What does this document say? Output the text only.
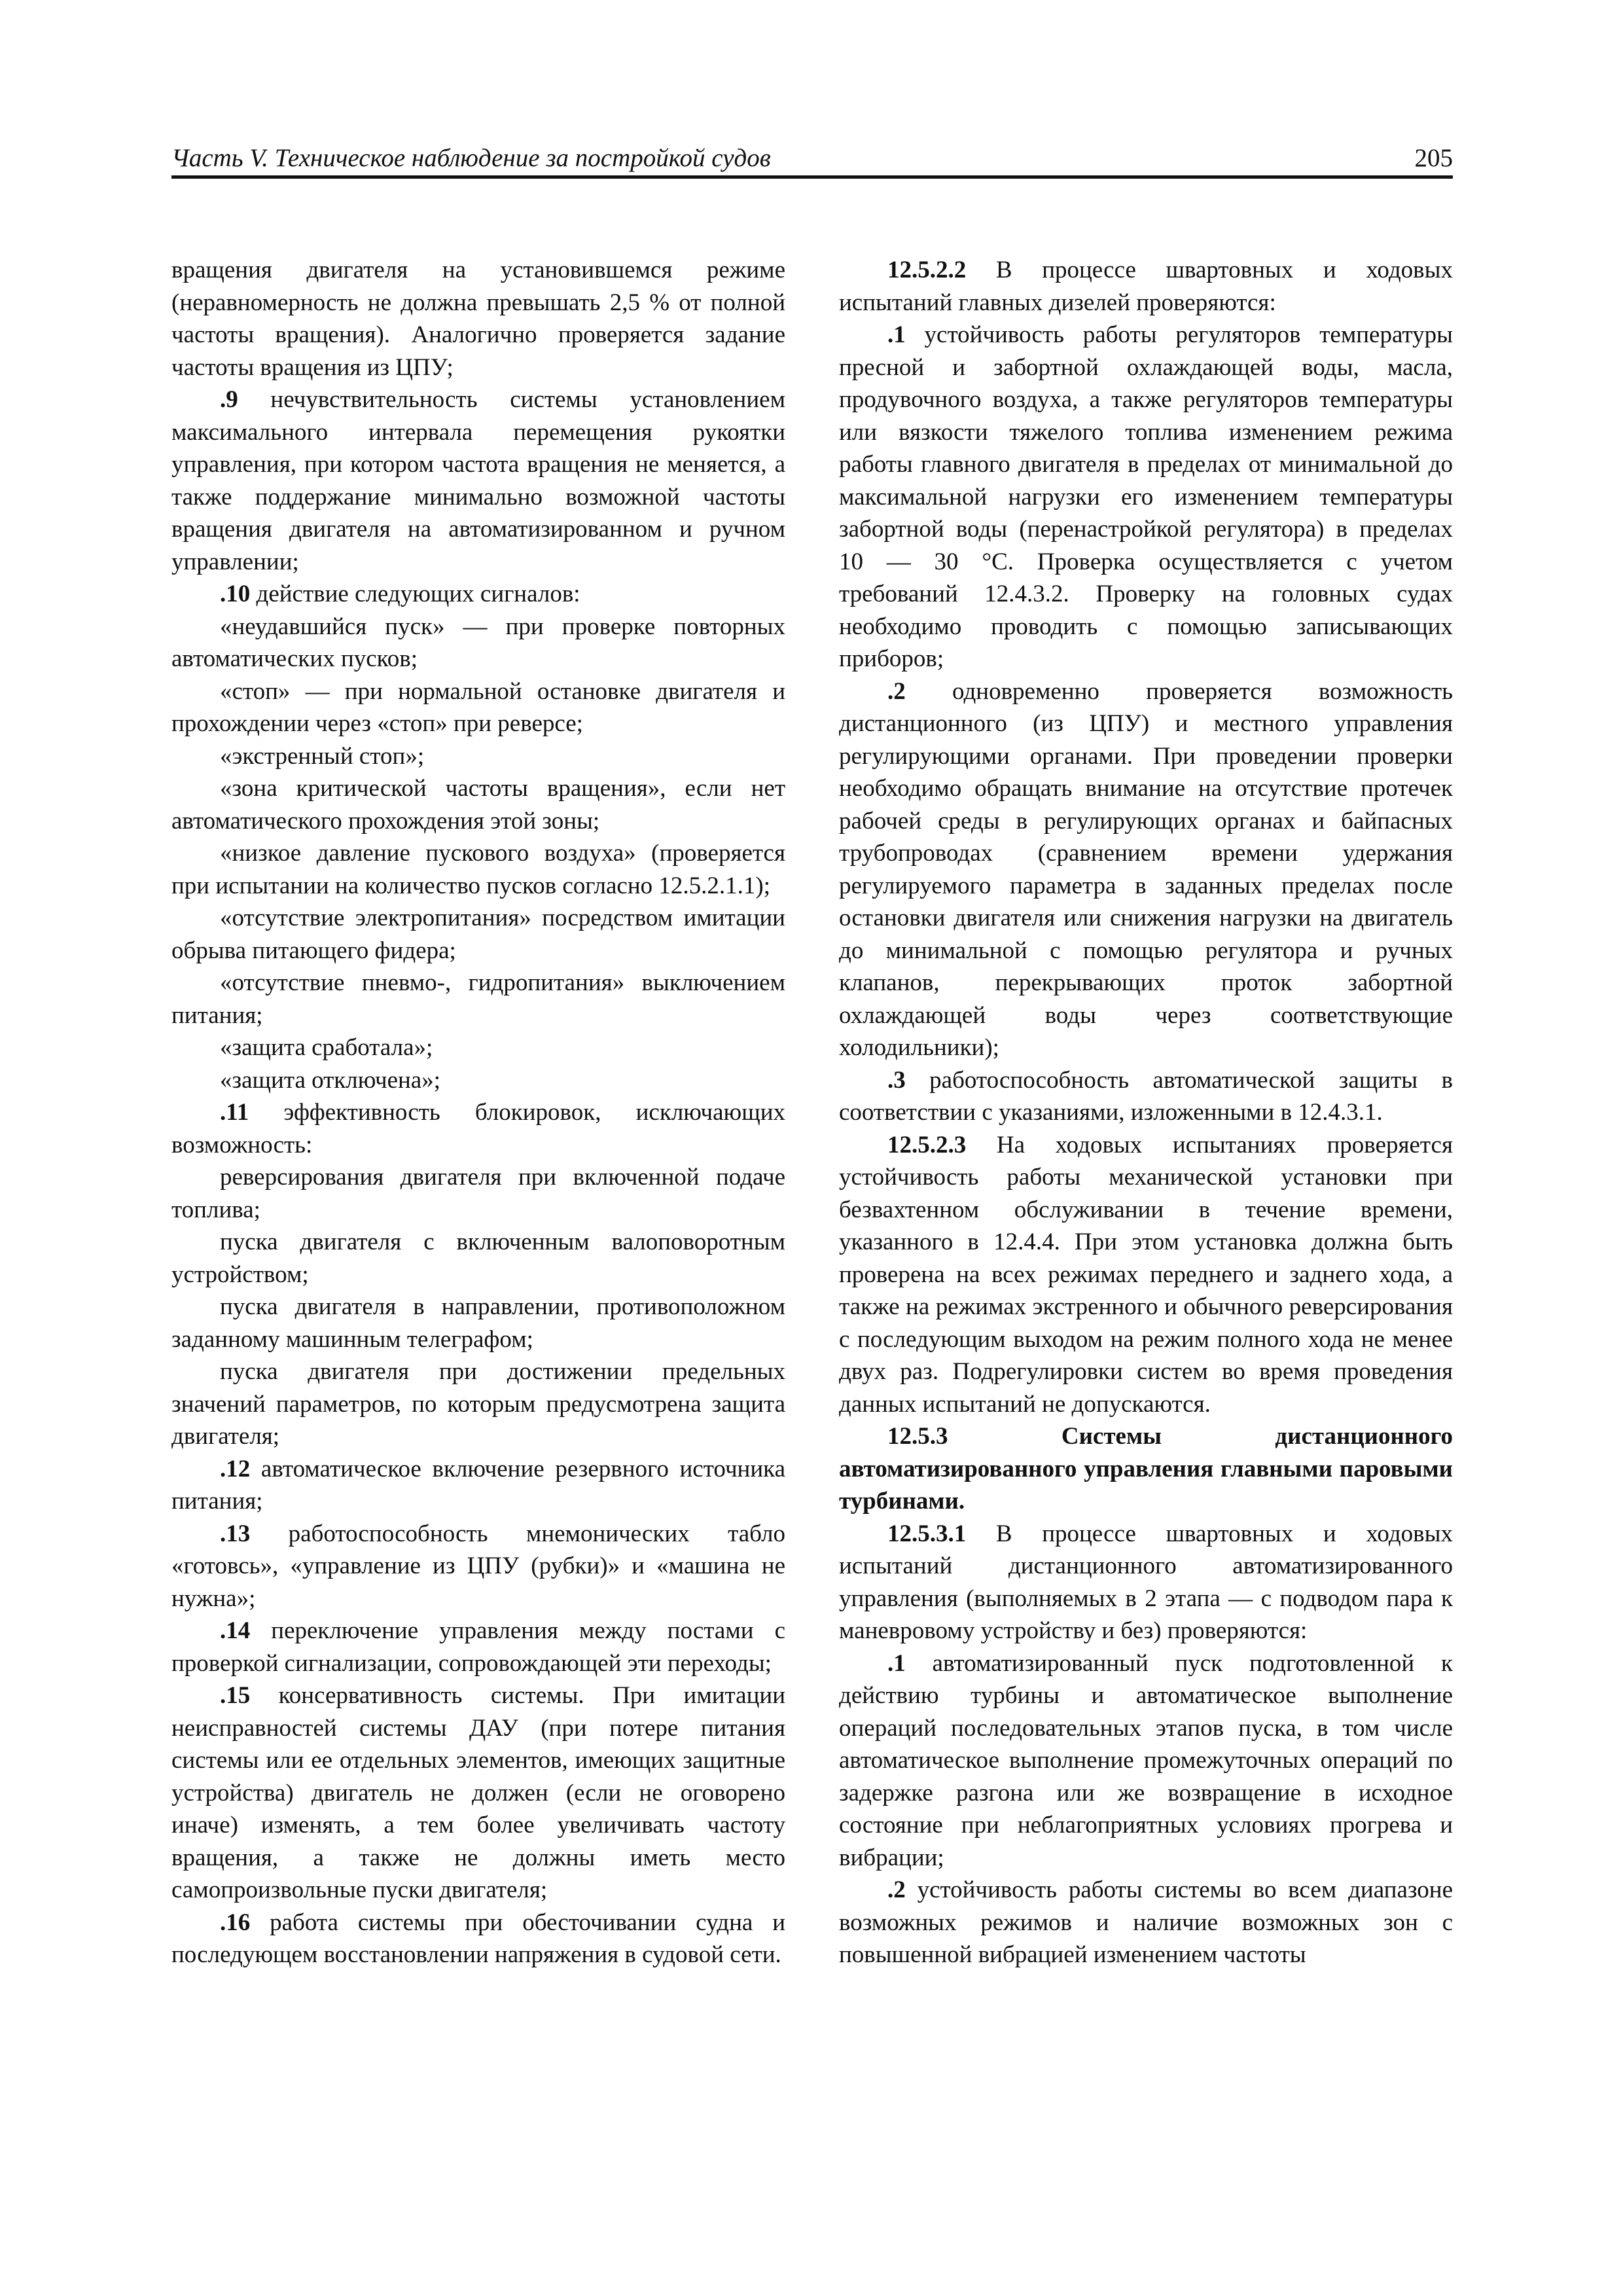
Часть V. Техническое наблюдение за постройкой судов	205

вращения двигателя на установившемся режиме (неравномерность не должна превышать 2,5 % от полной частоты вращения). Аналогично проверяется задание частоты вращения из ЦПУ;

.9 нечувствительность системы установлением максимального интервала перемещения рукоятки управления, при котором частота вращения не меняется, а также поддержание минимально возможной частоты вращения двигателя на автоматизированном и ручном управлении;

.10 действие следующих сигналов:

«неудавшийся пуск» — при проверке повторных автоматических пусков;

«стоп» — при нормальной остановке двигателя и прохождении через «стоп» при реверсе;

«экстренный стоп»;

«зона критической частоты вращения», если нет автоматического прохождения этой зоны;

«низкое давление пускового воздуха» (проверяется при испытании на количество пусков согласно 12.5.2.1.1);

«отсутствие электропитания» посредством имитации обрыва питающего фидера;

«отсутствие пневмо-, гидропитания» выключением питания;

«защита сработала»;

«защита отключена»;

.11 эффективность блокировок, исключающих возможность:

реверсирования двигателя при включенной подаче топлива;

пуска двигателя с включенным валоповоротным устройством;

пуска двигателя в направлении, противоположном заданному машинным телеграфом;

пуска двигателя при достижении предельных значений параметров, по которым предусмотрена защита двигателя;

.12 автоматическое включение резервного источника питания;

.13 работоспособность мнемонических табло «готовсь», «управление из ЦПУ (рубки)» и «машина не нужна»;

.14 переключение управления между постами с проверкой сигнализации, сопровождающей эти переходы;

.15 консервативность системы. При имитации неисправностей системы ДАУ (при потере питания системы или ее отдельных элементов, имеющих защитные устройства) двигатель не должен (если не оговорено иначе) изменять, а тем более увеличивать частоту вращения, а также не должны иметь место самопроизвольные пуски двигателя;

.16 работа системы при обесточивании судна и последующем восстановлении напряжения в судовой сети.

12.5.2.2 В процессе швартовных и ходовых испытаний главных дизелей проверяются:

.1 устойчивость работы регуляторов температуры пресной и забортной охлаждающей воды, масла, продувочного воздуха, а также регуляторов температуры или вязкости тяжелого топлива изменением режима работы главного двигателя в пределах от минимальной до максимальной нагрузки его изменением температуры забортной воды (перенастройкой регулятора) в пределах 10 — 30 °С. Проверка осуществляется с учетом требований 12.4.3.2. Проверку на головных судах необходимо проводить с помощью записывающих приборов;

.2 одновременно проверяется возможность дистанционного (из ЦПУ) и местного управления регулирующими органами. При проведении проверки необходимо обращать внимание на отсутствие протечек рабочей среды в регулирующих органах и байпасных трубопроводах (сравнением времени удержания регулируемого параметра в заданных пределах после остановки двигателя или снижения нагрузки на двигатель до минимальной с помощью регулятора и ручных клапанов, перекрывающих проток забортной охлаждающей воды через соответствующие холодильники);

.3 работоспособность автоматической защиты в соответствии с указаниями, изложенными в 12.4.3.1.

12.5.2.3 На ходовых испытаниях проверяется устойчивость работы механической установки при безвахтенном обслуживании в течение времени, указанного в 12.4.4. При этом установка должна быть проверена на всех режимах переднего и заднего хода, а также на режимах экстренного и обычного реверсирования с последующим выходом на режим полного хода не менее двух раз. Подрегулировки систем во время проведения данных испытаний не допускаются.

12.5.3 Системы дистанционного автоматизированного управления главными паровыми турбинами.

12.5.3.1 В процессе швартовных и ходовых испытаний дистанционного автоматизированного управления (выполняемых в 2 этапа — с подводом пара к маневровому устройству и без) проверяются:

.1 автоматизированный пуск подготовленной к действию турбины и автоматическое выполнение операций последовательных этапов пуска, в том числе автоматическое выполнение промежуточных операций по задержке разгона или же возвращение в исходное состояние при неблагоприятных условиях прогрева и вибрации;

.2 устойчивость работы системы во всем диапазоне возможных режимов и наличие возможных зон с повышенной вибрацией изменением частоты
